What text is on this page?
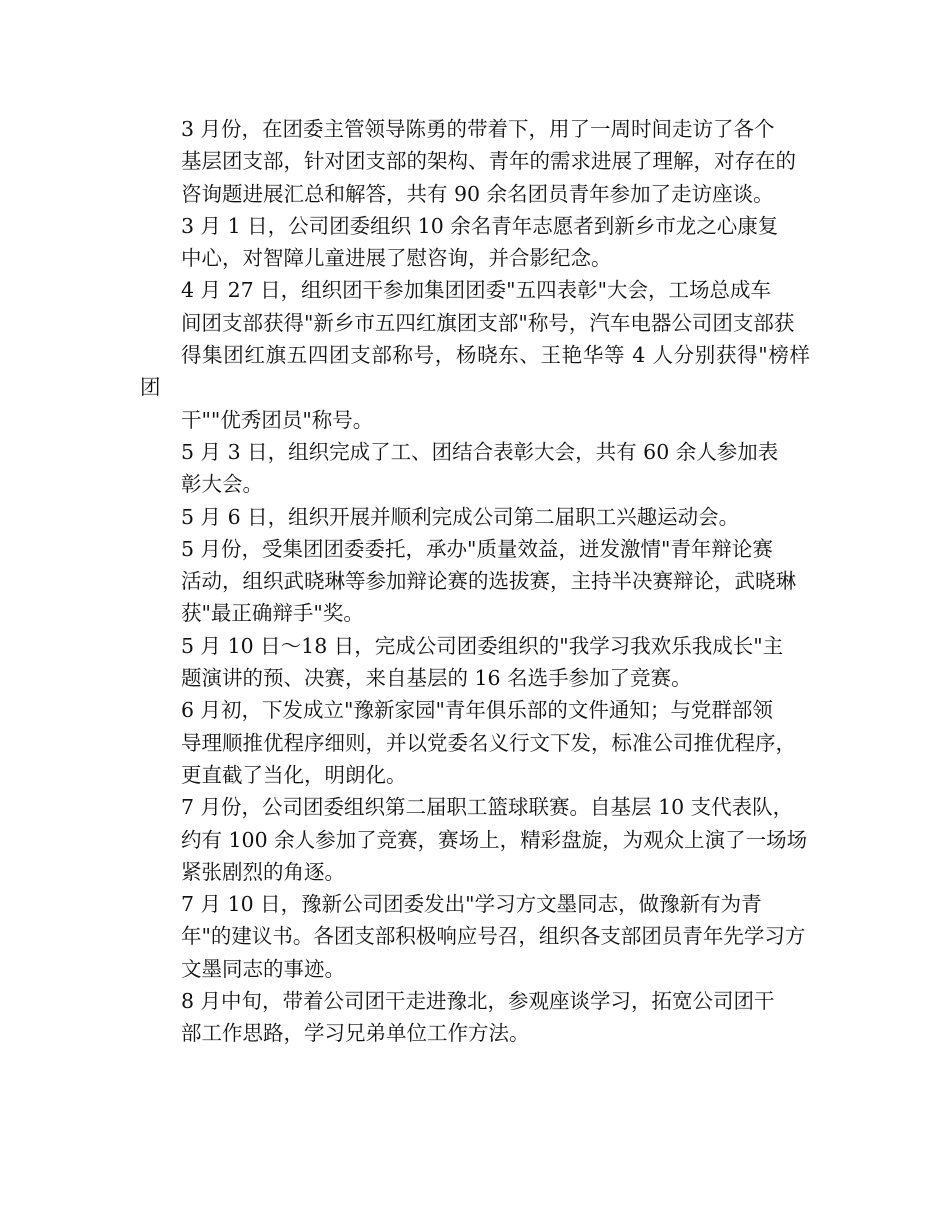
3 月份，在团委主管领导陈勇的带着下，用了一周时间走访了各个
基层团支部，针对团支部的架构、青年的需求进展了理解，对存在的
咨询题进展汇总和解答，共有 90 余名团员青年参加了走访座谈。

3 月 1 日，公司团委组织 10 余名青年志愿者到新乡市龙之心康复
中心，对智障儿童进展了慰咨询，并合影纪念。

4 月 27 日，组织团干参加集团团委"五四表彰"大会，工场总成车
间团支部获得"新乡市五四红旗团支部"称号，汽车电器公司团支部获
得集团红旗五四团支部称号，杨晓东、王艳华等 4 人分别获得"榜样团
干""优秀团员"称号。

5 月 3 日，组织完成了工、团结合表彰大会，共有 60 余人参加表
彰大会。

5 月 6 日，组织开展并顺利完成公司第二届职工兴趣运动会。

5 月份，受集团团委委托，承办"质量效益，迸发激情"青年辩论赛
活动，组织武晓琳等参加辩论赛的选拔赛，主持半决赛辩论，武晓琳
获"最正确辩手"奖。

5 月 10 日～18 日，完成公司团委组织的"我学习我欢乐我成长"主
题演讲的预、决赛，来自基层的 16 名选手参加了竞赛。

6 月初，下发成立"豫新家园"青年俱乐部的文件通知；与党群部领
导理顺推优程序细则，并以党委名义行文下发，标准公司推优程序，
更直截了当化，明朗化。

7 月份，公司团委组织第二届职工篮球联赛。自基层 10 支代表队，
约有 100 余人参加了竞赛，赛场上，精彩盘旋，为观众上演了一场场
紧张剧烈的角逐。

7 月 10 日，豫新公司团委发出"学习方文墨同志，做豫新有为青
年"的建议书。各团支部积极响应号召，组织各支部团员青年先学习方
文墨同志的事迹。

8 月中旬，带着公司团干走进豫北，参观座谈学习，拓宽公司团干
部工作思路，学习兄弟单位工作方法。
